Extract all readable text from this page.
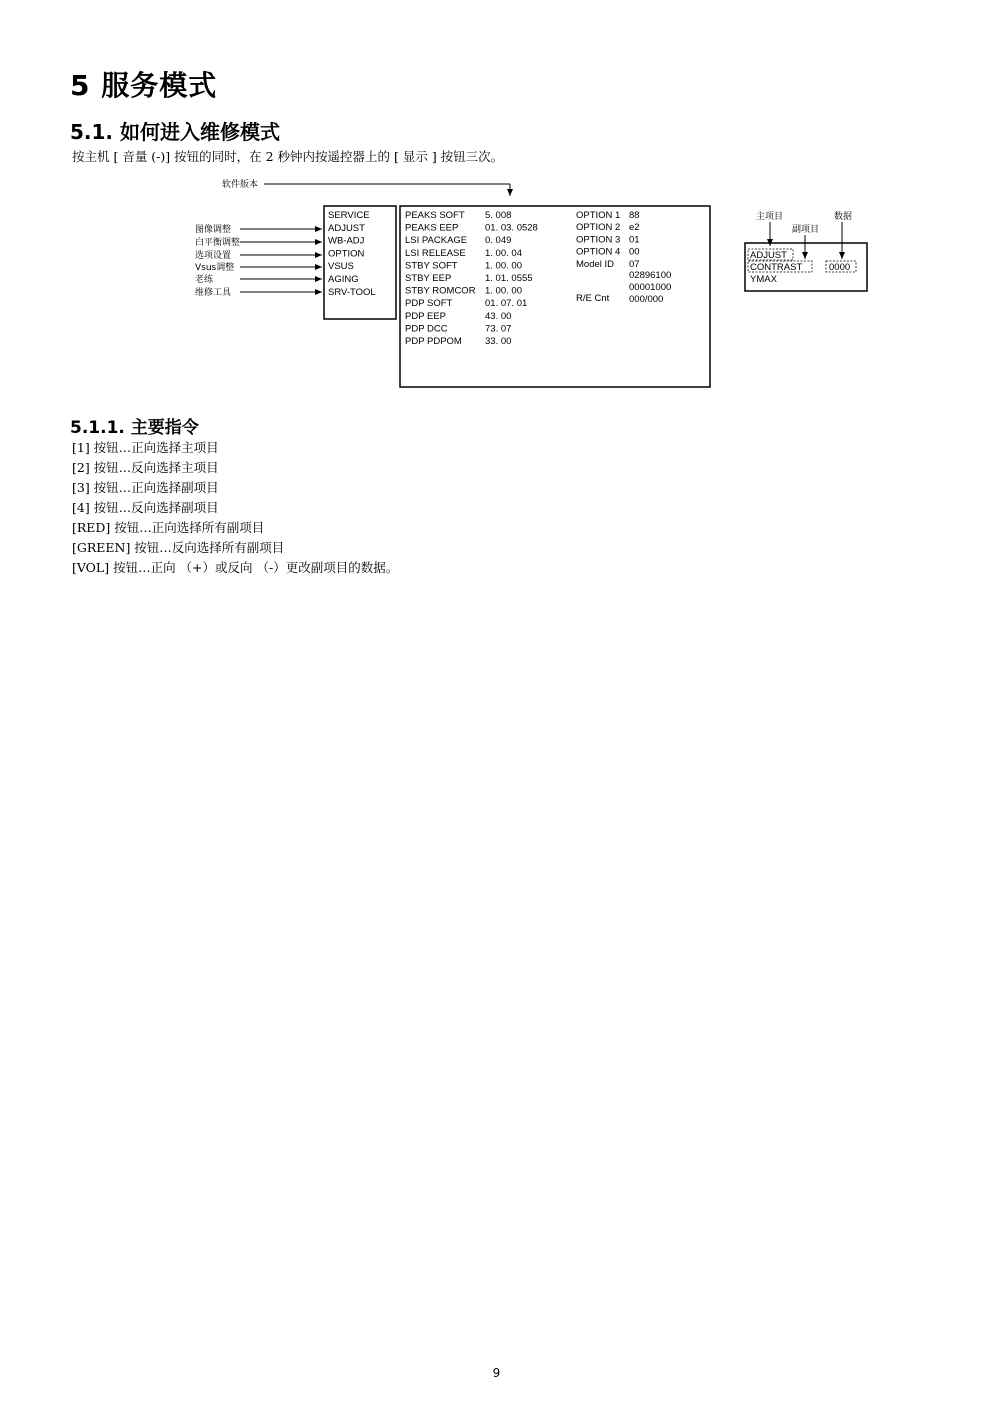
5 服务模式
5.1. 如何进入维修模式
按主机 [ 音量 (-)] 按钮的同时，在 2 秒钟内按遥控器上的 [ 显示 ] 按钮三次。
软件版本
图像调整
白平衡调整
选项设置
Vsus调整
老练
维修工具
SERVICE
ADJUST
WB-ADJ
OPTION
VSUS
AGING
SRV-TOOL
PEAKS SOFT 5. 008
PEAKS EEP	01. 03. 0528
LSI PACKAGE 0. 049
LSI RELEASE 1. 00. 04
STBY SOFT	1. 00. 00
STBY EEP	1. 01. 0555
STBY ROMCOR 1. 00. 00
PDP SOFT	01. 07. 01
PDP EEP	43. 00
PDP DCC	73. 07
PDP PDPOM 33. 00
OPTION 1 88
OPTION 2 e2
OPTION 3 01
OPTION 4 00
Model ID 07
02896100
00001000
R/E Cnt 000/000
主项目
副项目
数据
ADJUST
CONTRAST
YMAX
0000
5.1.1. 主要指令
[1] 按钮…正向选择主项目
[2] 按钮…反向选择主项目
[3] 按钮…正向选择副项目
[4] 按钮…反向选择副项目
[RED] 按钮…正向选择所有副项目
[GREEN] 按钮…反向选择所有副项目
[VOL] 按钮…正向 （+）或反向 （-）更改副项目的数据。
9
